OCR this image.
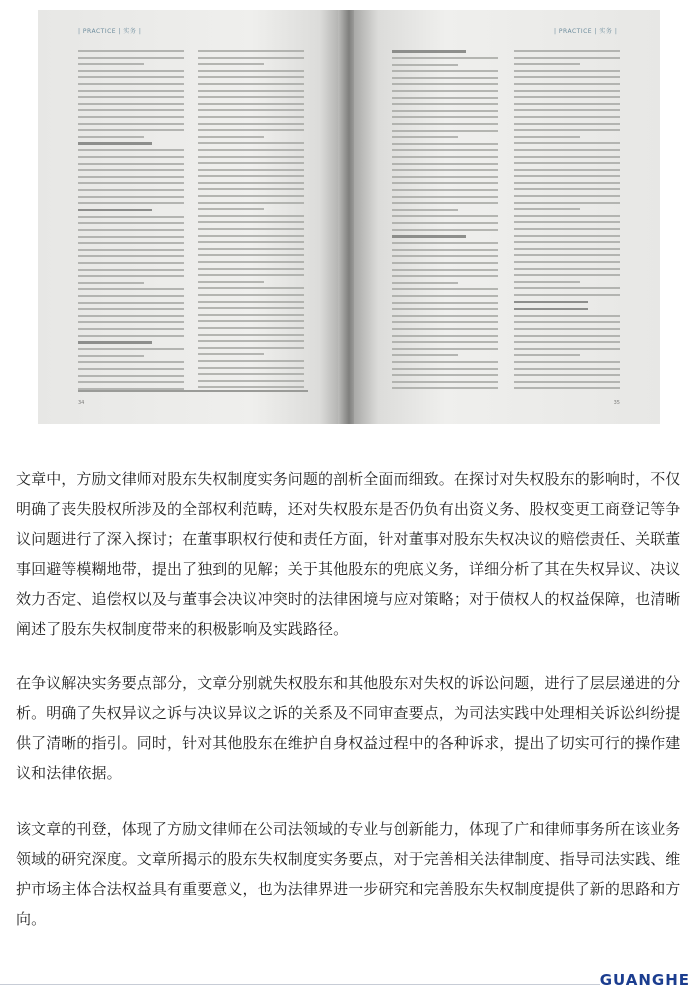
| PRACTICE | 实务 |
34
| PRACTICE | 实务 |
35

文章中，方励文律师对股东失权制度实务问题的剖析全面而细致。在探讨对失权股东的影响时，不仅明确了丧失股权所涉及的全部权利范畴，还对失权股东是否仍负有出资义务、股权变更工商登记等争议问题进行了深入探讨；在董事职权行使和责任方面，针对董事对股东失权决议的赔偿责任、关联董事回避等模糊地带，提出了独到的见解；关于其他股东的兜底义务，详细分析了其在失权异议、决议效力否定、追偿权以及与董事会决议冲突时的法律困境与应对策略；对于债权人的权益保障，也清晰阐述了股东失权制度带来的积极影响及实践路径。

在争议解决实务要点部分，文章分别就失权股东和其他股东对失权的诉讼问题，进行了层层递进的分析。明确了失权异议之诉与决议异议之诉的关系及不同审查要点，为司法实践中处理相关诉讼纠纷提供了清晰的指引。同时，针对其他股东在维护自身权益过程中的各种诉求，提出了切实可行的操作建议和法律依据。

该文章的刊登，体现了方励文律师在公司法领域的专业与创新能力，体现了广和律师事务所在该业务领域的研究深度。文章所揭示的股东失权制度实务要点，对于完善相关法律制度、指导司法实践、维护市场主体合法权益具有重要意义，也为法律界进一步研究和完善股东失权制度提供了新的思路和方向。

GUANGHE
